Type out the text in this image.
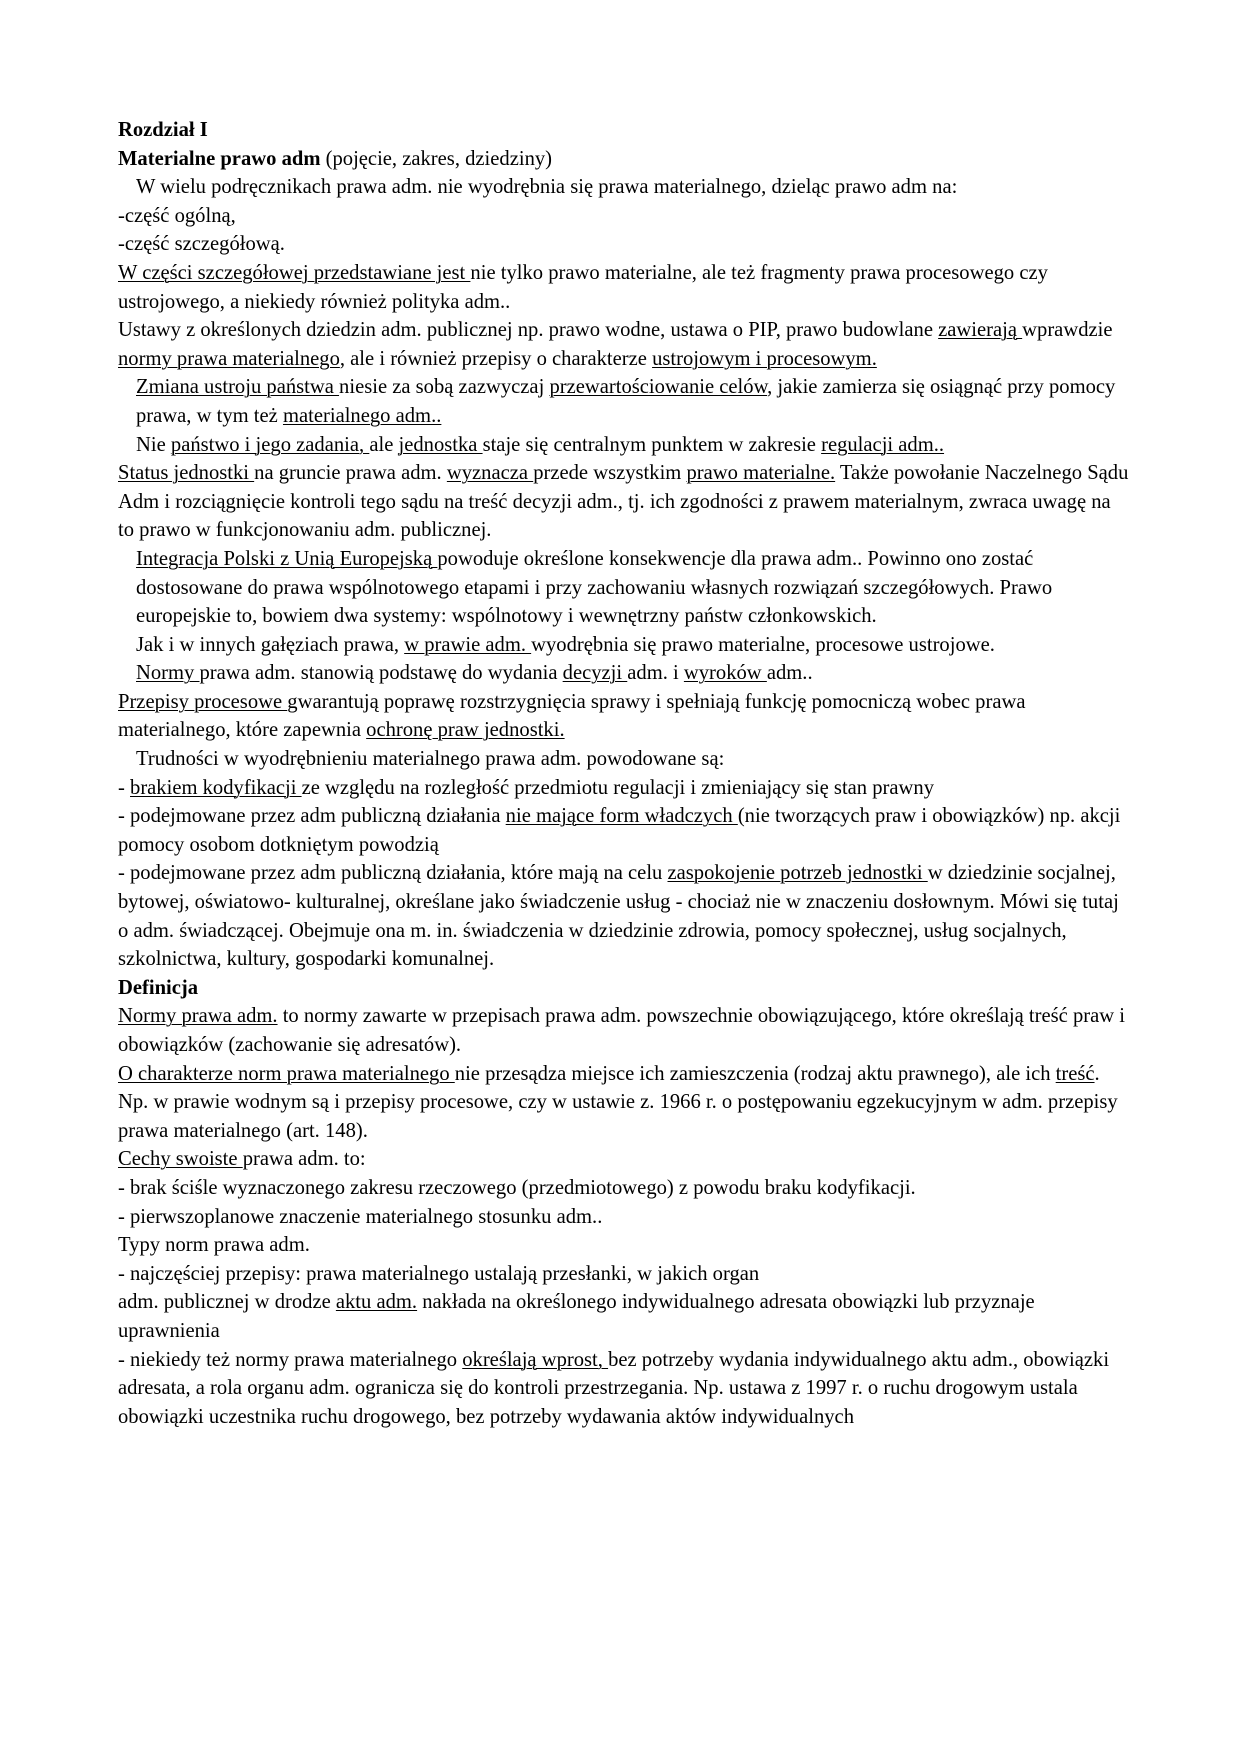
Rozdział I

Materialne prawo adm (pojęcie, zakres, dziedziny)

W wielu podręcznikach prawa adm. nie wyodrębnia się prawa materialnego, dzieląc prawo adm na:

-część ogólną,

-część szczegółową.

W części szczegółowej przedstawiane jest nie tylko prawo materialne, ale też fragmenty prawa procesowego czy ustrojowego, a niekiedy również polityka adm..

Ustawy z określonych dziedzin adm. publicznej np. prawo wodne, ustawa o PIP, prawo budowlane zawierają wprawdzie normy prawa materialnego, ale i również przepisy o charakterze ustrojowym i procesowym.

Zmiana ustroju państwa niesie za sobą zazwyczaj przewartościowanie celów, jakie zamierza się osiągnąć przy pomocy prawa, w tym też materialnego adm..

Nie państwo i jego zadania, ale jednostka staje się centralnym punktem w zakresie regulacji adm..

Status jednostki na gruncie prawa adm. wyznacza przede wszystkim prawo materialne. Także powołanie Naczelnego Sądu Adm i rozciągnięcie kontroli tego sądu na treść decyzji adm., tj. ich zgodności z prawem materialnym, zwraca uwagę na to prawo w funkcjonowaniu adm. publicznej.

Integracja Polski z Unią Europejską powoduje określone konsekwencje dla prawa adm.. Powinno ono zostać dostosowane do prawa wspólnotowego etapami i przy zachowaniu własnych rozwiązań szczegółowych. Prawo europejskie to, bowiem dwa systemy: wspólnotowy i wewnętrzny państw członkowskich.

Jak i w innych gałęziach prawa, w prawie adm. wyodrębnia się prawo materialne, procesowe ustrojowe.

Normy prawa adm. stanowią podstawę do wydania decyzji adm. i wyroków adm..

Przepisy procesowe gwarantują poprawę rozstrzygnięcia sprawy i spełniają funkcję pomocniczą wobec prawa materialnego, które zapewnia ochronę praw jednostki.

Trudności w wyodrębnieniu materialnego prawa adm. powodowane są:

- brakiem kodyfikacji ze względu na rozległość przedmiotu regulacji i zmieniający się stan prawny

- podejmowane przez adm publiczną działania nie mające form władczych (nie tworzących praw i obowiązków) np. akcji pomocy osobom dotkniętym powodzią

- podejmowane przez adm publiczną działania, które mają na celu zaspokojenie potrzeb jednostki w dziedzinie socjalnej, bytowej, oświatowo- kulturalnej, określane jako świadczenie usług - chociaż nie w znaczeniu dosłownym. Mówi się tutaj o adm. świadczącej. Obejmuje ona m. in. świadczenia w dziedzinie zdrowia, pomocy społecznej, usług socjalnych, szkolnictwa, kultury, gospodarki komunalnej.

Definicja

Normy prawa adm. to normy zawarte w przepisach prawa adm. powszechnie obowiązującego, które określają treść praw i obowiązków (zachowanie się adresatów).

O charakterze norm prawa materialnego nie przesądza miejsce ich zamieszczenia (rodzaj aktu prawnego), ale ich treść. Np. w prawie wodnym są i przepisy procesowe, czy w ustawie z. 1966 r. o postępowaniu egzekucyjnym w adm. przepisy prawa materialnego (art. 148).

Cechy swoiste prawa adm. to:

- brak ściśle wyznaczonego zakresu rzeczowego (przedmiotowego) z powodu braku kodyfikacji.

- pierwszoplanowe znaczenie materialnego stosunku adm..

Typy norm prawa adm.

- najczęściej przepisy: prawa materialnego ustalają przesłanki, w jakich organ

adm. publicznej w drodze aktu adm. nakłada na określonego indywidualnego adresata obowiązki lub przyznaje uprawnienia

- niekiedy też normy prawa materialnego określają wprost, bez potrzeby wydania indywidualnego aktu adm., obowiązki adresata, a rola organu adm. ogranicza się do kontroli przestrzegania. Np. ustawa z 1997 r. o ruchu drogowym ustala obowiązki uczestnika ruchu drogowego, bez potrzeby wydawania aktów indywidualnych
